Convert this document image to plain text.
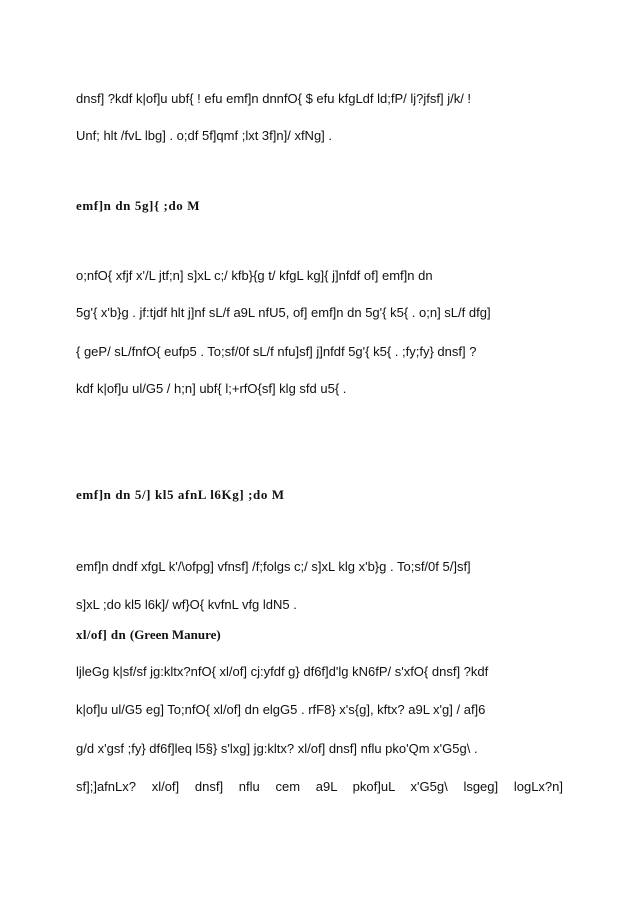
dnsf] ?kdf k|of]u ubf{ ! efu emf]n dnnfO{ $ efu kfgLdf ld;fP/ lj?jfsf] j/k/ !
Unf; hlt /fvL lbg] . o;df 5f]qmf ;lxt 3f]n]/ xfNg] .
emf]n dn 5g]{ ;do M
o;nfO{ xfjf x'/L jtf;n] s]xL c;/ kfb}{g t/ kfgL kg]{ j]nfdf of] emf]n dn
5g'{ x'b}g . jf:tjdf hlt j]nf sL/f a9L nfU5, of] emf]n dn 5g'{ k5{ . o;n] sL/f dfg]
{ geP/ sL/fnfO{ eufp5 . To;sf/0f sL/f nfu]sf] j]nfdf 5g'{ k5{ . ;fy;fy} dnsf] ?
kdf k|of]u ul/G5 / h;n] ubf{ l;+rfO{sf] klg sfd u5{ .
emf]n dn 5/] kl5 afnL l6Kg] ;do M
emf]n dndf xfgL k'/\ofpg] vfnsf] /f;folgs c;/ s]xL klg x'b}g . To;sf/0f 5/]sf]
s]xL ;do kl5 l6k]/ wf}O{ kvfnL vfg ldN5 .
xl/of] dn (Green Manure)
ljleGg k|sf/sf jg:kltx?nfO{ xl/of] cj:yfdf g} df6f]d'lg kN6fP/ s'xfO{ dnsf] ?kdf
k|of]u ul/G5 eg] To;nfO{ xl/of] dn elgG5 . rfF8} x's{g], kftx? a9L x'g] / af]6
g/d x'gsf ;fy} df6f]leq l5§} s'lxg] jg:kltx? xl/of] dnsf] nflu pko'Qm x'G5g\ .
sf];]afnLx? xl/of] dnsf] nflu cem a9L pkof]uL x'G5g\ lsgeg] logLx?n]
